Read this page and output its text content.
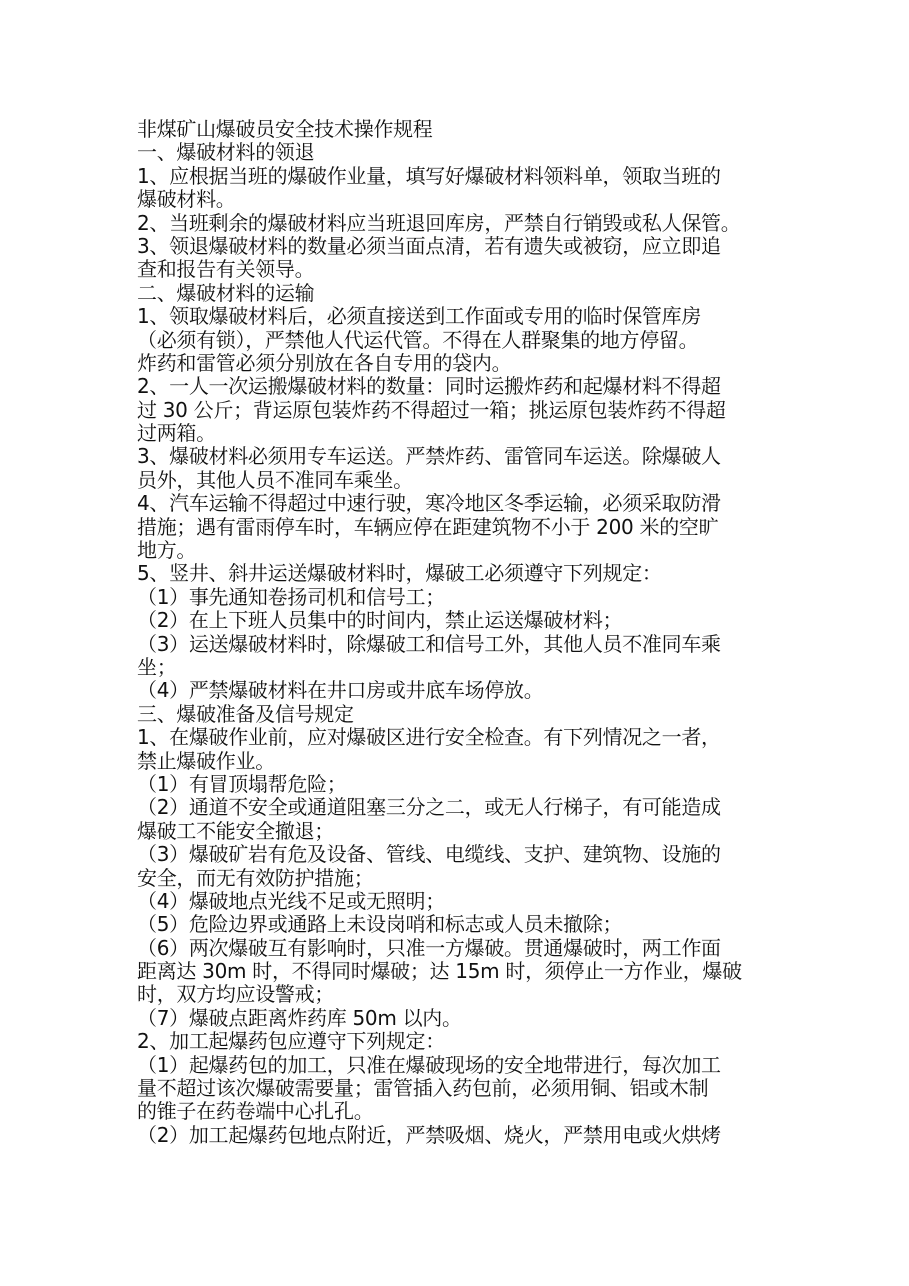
非煤矿山爆破员安全技术操作规程
一、爆破材料的领退
1、应根据当班的爆破作业量，填写好爆破材料领料单，领取当班的
爆破材料。
2、当班剩余的爆破材料应当班退回库房，严禁自行销毁或私人保管。
3、领退爆破材料的数量必须当面点清，若有遗失或被窃，应立即追
查和报告有关领导。
二、爆破材料的运输
1、领取爆破材料后，必须直接送到工作面或专用的临时保管库房
（必须有锁），严禁他人代运代管。不得在人群聚集的地方停留。
炸药和雷管必须分别放在各自专用的袋内。
2、一人一次运搬爆破材料的数量：同时运搬炸药和起爆材料不得超
过 30 公斤；背运原包装炸药不得超过一箱；挑运原包装炸药不得超
过两箱。
3、爆破材料必须用专车运送。严禁炸药、雷管同车运送。除爆破人
员外，其他人员不准同车乘坐。
4、汽车运输不得超过中速行驶，寒冷地区冬季运输，必须采取防滑
措施；遇有雷雨停车时，车辆应停在距建筑物不小于 200 米的空旷
地方。
5、竖井、斜井运送爆破材料时，爆破工必须遵守下列规定：
（1）事先通知卷扬司机和信号工；
（2）在上下班人员集中的时间内，禁止运送爆破材料；
（3）运送爆破材料时，除爆破工和信号工外，其他人员不准同车乘
坐；
（4）严禁爆破材料在井口房或井底车场停放。
三、爆破准备及信号规定
1、在爆破作业前，应对爆破区进行安全检查。有下列情况之一者，
禁止爆破作业。
（1）有冒顶塌帮危险；
（2）通道不安全或通道阻塞三分之二，或无人行梯子，有可能造成
爆破工不能安全撤退；
（3）爆破矿岩有危及设备、管线、电缆线、支护、建筑物、设施的
安全，而无有效防护措施；
（4）爆破地点光线不足或无照明；
（5）危险边界或通路上未设岗哨和标志或人员未撤除；
（6）两次爆破互有影响时，只准一方爆破。贯通爆破时，两工作面
距离达 30m 时，不得同时爆破；达 15m 时，须停止一方作业，爆破
时，双方均应设警戒；
（7）爆破点距离炸药库 50m 以内。
2、加工起爆药包应遵守下列规定：
（1）起爆药包的加工，只准在爆破现场的安全地带进行，每次加工
量不超过该次爆破需要量；雷管插入药包前，必须用铜、铝或木制
的锥子在药卷端中心扎孔。
（2）加工起爆药包地点附近，严禁吸烟、烧火，严禁用电或火烘烤
